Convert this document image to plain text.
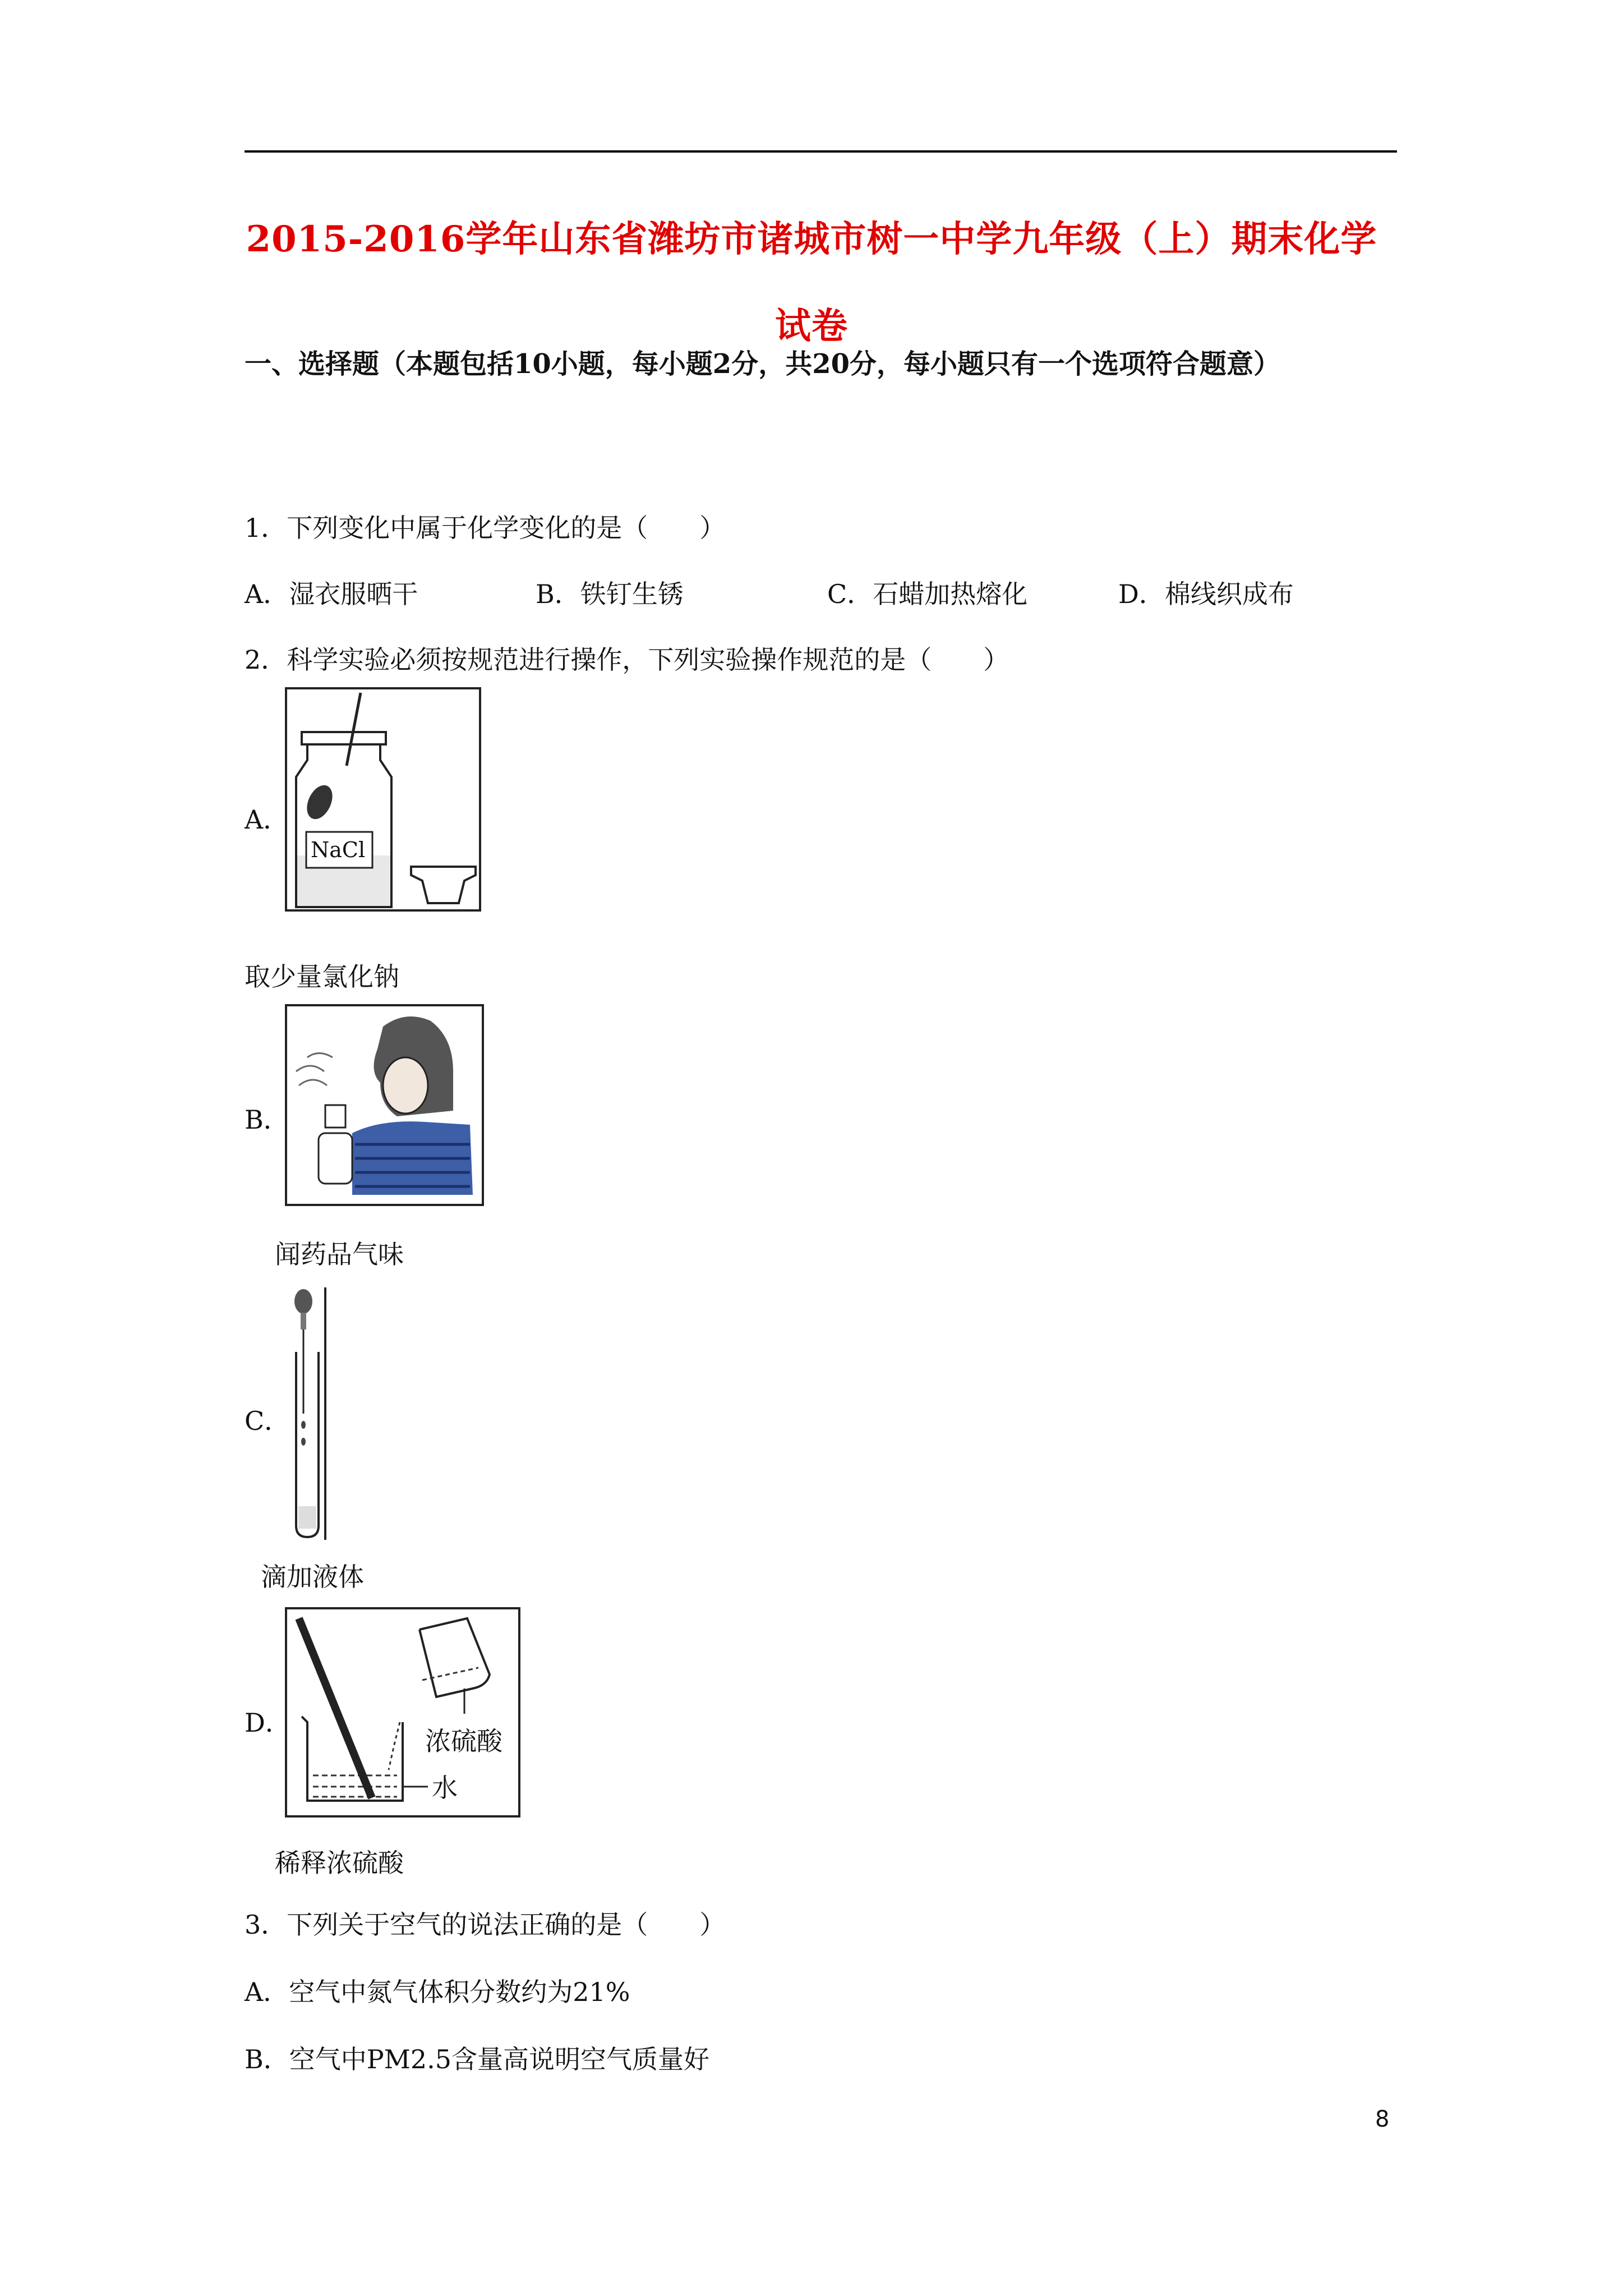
2015-2016学年山东省潍坊市诸城市树一中学九年级（上）期末化学
试卷
一、选择题（本题包括10小题，每小题2分，共20分，每小题只有一个选项符合题意）
1．下列变化中属于化学变化的是（　　）
A．湿衣服晒干	B．铁钉生锈	C．石蜡加热熔化	D．棉线织成布
2．科学实验必须按规范进行操作，下列实验操作规范的是（　　）
A．
NaCl
取少量氯化钠
B．
闻药品气味
C．
滴加液体
D．
浓硫酸
水
稀释浓硫酸
3．下列关于空气的说法正确的是（　　）
A．空气中氮气体积分数约为21%
B．空气中PM2.5含量高说明空气质量好
8
